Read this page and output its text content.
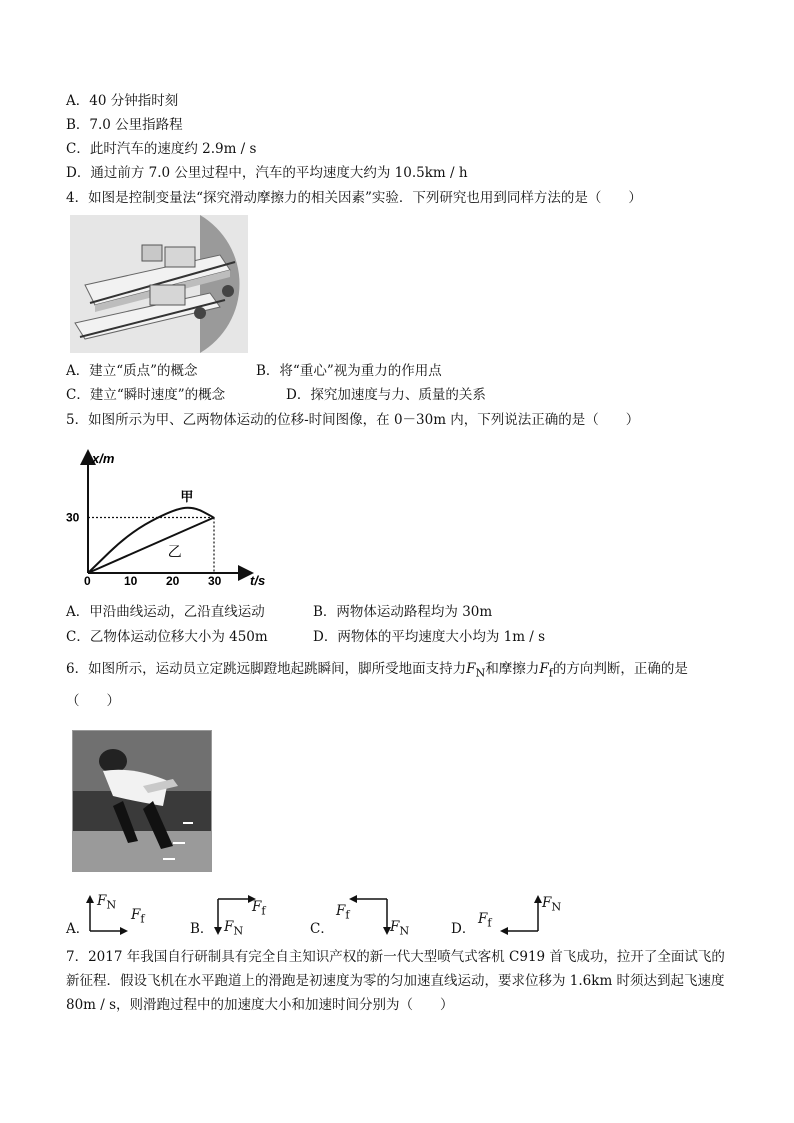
A．40 分钟指时刻
B．7.0 公里指路程
C．此时汽车的速度约 2.9m / s
D．通过前方 7.0 公里过程中，汽车的平均速度大约为 10.5km / h
4．如图是控制变量法“探究滑动摩擦力的相关因素”实验．下列研究也用到同样方法的是（　　）
A．建立“质点”的概念	B．将“重心”视为重力的作用点
C．建立“瞬时速度”的概念	D．探究加速度与力、质量的关系
5．如图所示为甲、乙两物体运动的位移-时间图像，在 0－30m 内，下列说法正确的是（　　）
x/m
t/s
0	10 20 30
30
甲
乙
A．甲沿曲线运动，乙沿直线运动	B．两物体运动路程均为 30m
C．乙物体运动位移大小为 450m	D．两物体的平均速度大小均为 1m / s
6．如图所示，运动员立定跳远脚蹬地起跳瞬间，脚所受地面支持力$F_N$和摩擦力$F_f$的方向判断，正确的是
（　　）
A．
$F_N$
$F_f$
B． $F_N$
$F_f$
C．
$F_f$
$F_N$	D．
$F_f$
$F_N$
7．2017 年我国自行研制具有完全自主知识产权的新一代大型喷气式客机 C919 首飞成功，拉开了全面试飞的新征程．假设飞机在水平跑道上的滑跑是初速度为零的匀加速直线运动，要求位移为 1.6km 时须达到起飞速度 80m / s，则滑跑过程中的加速度大小和加速时间分别为（　　）
